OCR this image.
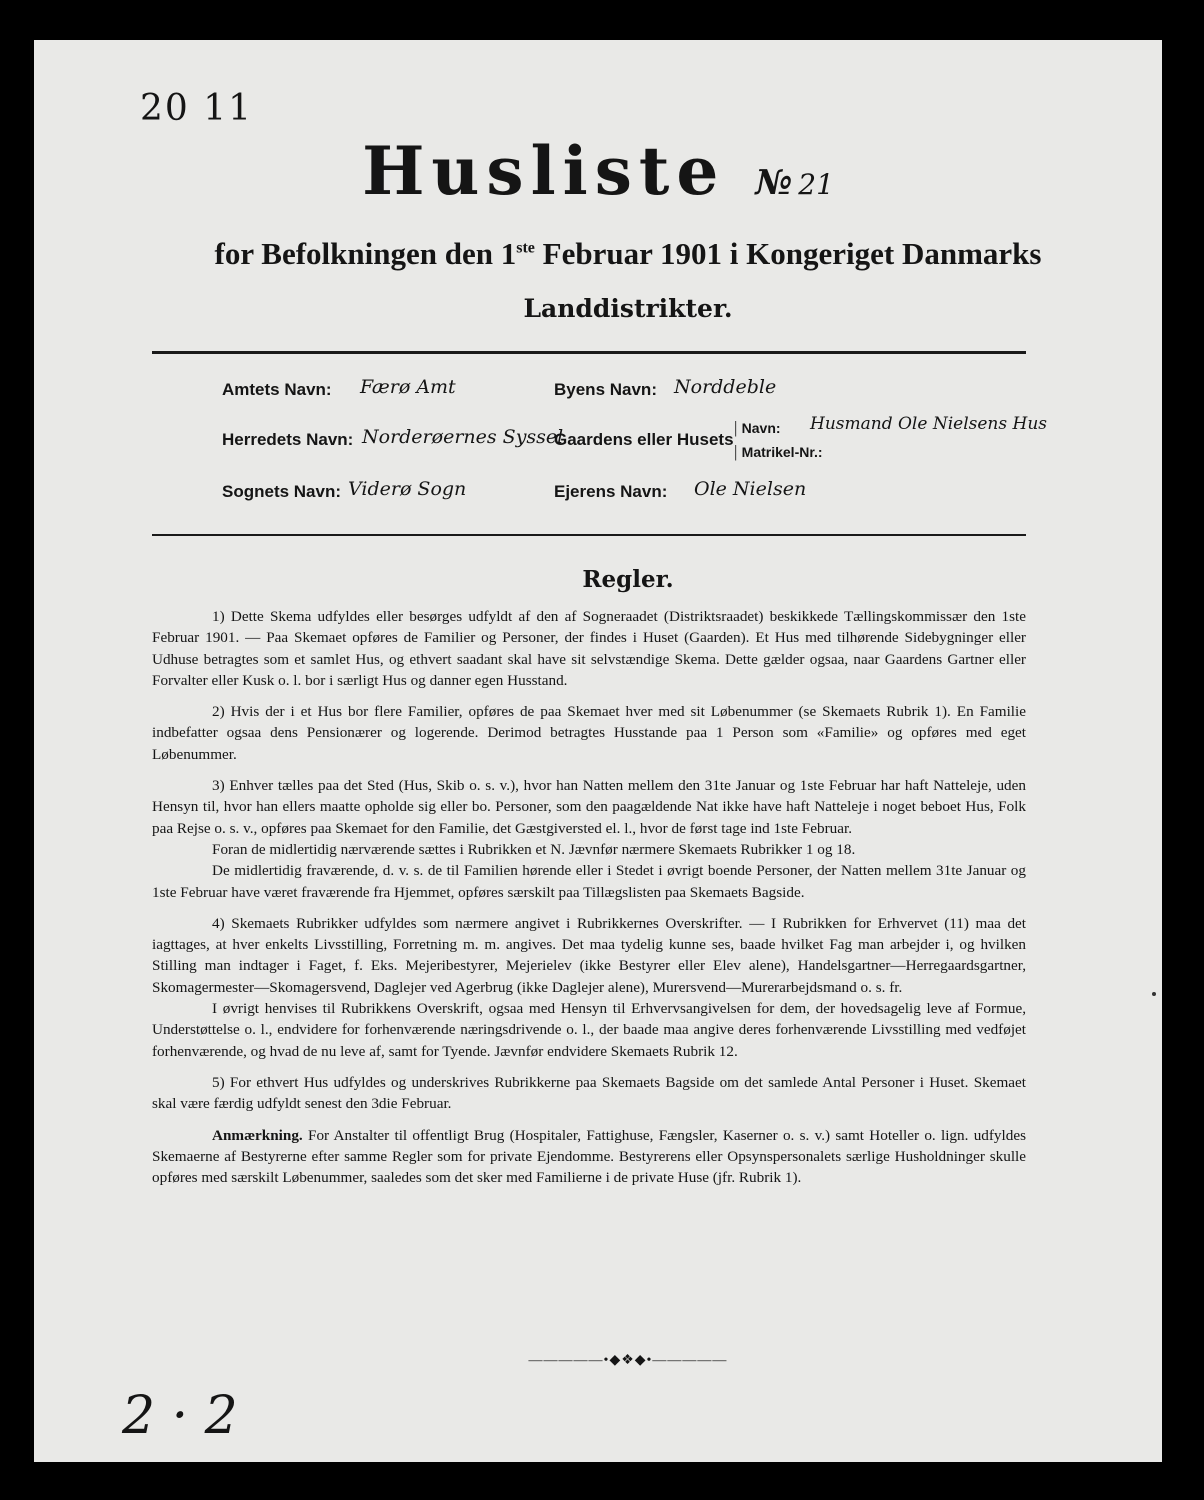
20 11
Husliste № 21
for Befolkningen den 1ste Februar 1901 i Kongeriget Danmarks
Landdistrikter.
Amtets Navn: Færø Amt	Byens Navn: Norddeble
Herredets Navn: Norderøernes Syssel
Gaardens eller Husets
| Navn:
| Matrikel-Nr.:
Husmand Ole Nielsens Hus
Sognets Navn: Viderø Sogn	Ejerens Navn: Ole Nielsen
Regler.

1) Dette Skema udfyldes eller besørges udfyldt af den af Sogneraadet (Distriktsraadet) beskikkede Tællingskommissær den 1ste Februar 1901. — Paa Skemaet opføres de Familier og Personer, der findes i Huset (Gaarden). Et Hus med tilhørende Sidebygninger eller Udhuse betragtes som et samlet Hus, og ethvert saadant skal have sit selvstændige Skema. Dette gælder ogsaa, naar Gaardens Gartner eller Forvalter eller Kusk o. l. bor i særligt Hus og danner egen Husstand.

2) Hvis der i et Hus bor flere Familier, opføres de paa Skemaet hver med sit Løbenummer (se Skemaets Rubrik 1). En Familie indbefatter ogsaa dens Pensionærer og logerende. Derimod betragtes Husstande paa 1 Person som «Familie» og opføres med eget Løbenummer.

3) Enhver tælles paa det Sted (Hus, Skib o. s. v.), hvor han Natten mellem den 31te Januar og 1ste Februar har haft Natteleje, uden Hensyn til, hvor han ellers maatte opholde sig eller bo. Personer, som den paagældende Nat ikke have haft Natteleje i noget beboet Hus, Folk paa Rejse o. s. v., opføres paa Skemaet for den Familie, det Gæstgiversted el. l., hvor de først tage ind 1ste Februar.

Foran de midlertidig nærværende sættes i Rubrikken et N. Jævnfør nærmere Skemaets Rubrikker 1 og 18.

De midlertidig fraværende, d. v. s. de til Familien hørende eller i Stedet i øvrigt boende Personer, der Natten mellem 31te Januar og 1ste Februar have været fraværende fra Hjemmet, opføres særskilt paa Tillægslisten paa Skemaets Bagside.

4) Skemaets Rubrikker udfyldes som nærmere angivet i Rubrikkernes Overskrifter. — I Rubrikken for Erhvervet (11) maa det iagttages, at hver enkelts Livsstilling, Forretning m. m. angives. Det maa tydelig kunne ses, baade hvilket Fag man arbejder i, og hvilken Stilling man indtager i Faget, f. Eks. Mejeribestyrer, Mejerielev (ikke Bestyrer eller Elev alene), Handelsgartner—Herregaardsgartner, Skomagermester—Skomagersvend, Daglejer ved Agerbrug (ikke Daglejer alene), Murersvend—Murerarbejdsmand o. s. fr.

I øvrigt henvises til Rubrikkens Overskrift, ogsaa med Hensyn til Erhvervsangivelsen for dem, der hovedsagelig leve af Formue, Understøttelse o. l., endvidere for forhenværende næringsdrivende o. l., der baade maa angive deres forhenværende Livsstilling med vedføjet forhenværende, og hvad de nu leve af, samt for Tyende. Jævnfør endvidere Skemaets Rubrik 12.

5) For ethvert Hus udfyldes og underskrives Rubrikkerne paa Skemaets Bagside om det samlede Antal Personer i Huset. Skemaet skal være færdig udfyldt senest den 3die Februar.

Anmærkning. For Anstalter til offentligt Brug (Hospitaler, Fattighuse, Fængsler, Kaserner o. s. v.) samt Hoteller o. lign. udfyldes Skemaerne af Bestyrerne efter samme Regler som for private Ejendomme. Bestyrerens eller Opsynspersonalets særlige Husholdninger skulle opføres med særskilt Løbenummer, saaledes som det sker med Familierne i de private Huse (jfr. Rubrik 1).

—————•◆❖◆•—————
2 · 2
